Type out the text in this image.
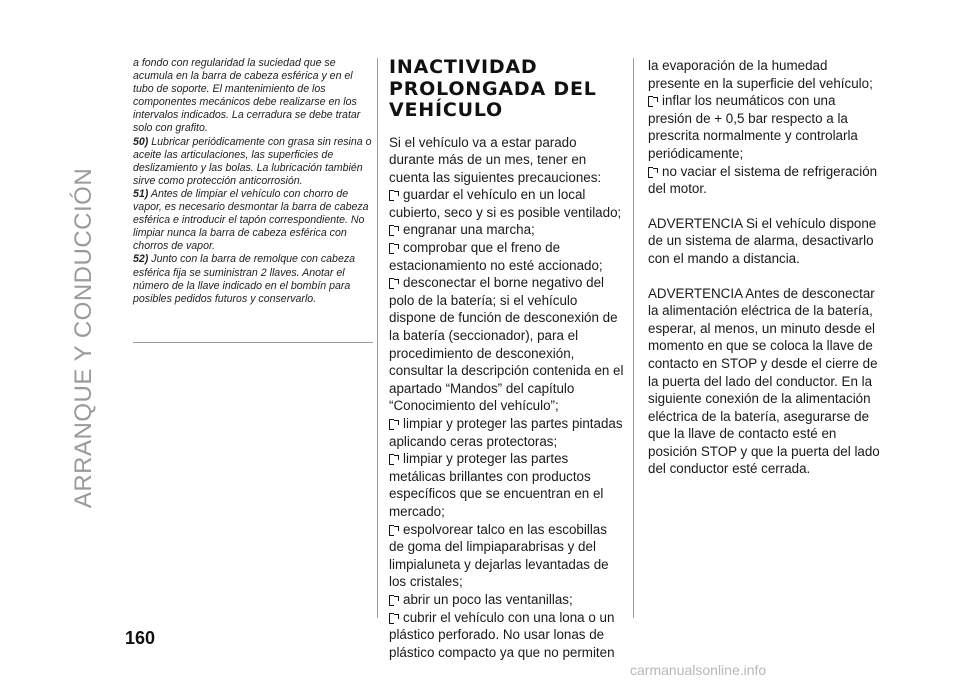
ARRANQUE Y CONDUCCIÓN
160
carmanualsonline.info

a fondo con regularidad la suciedad que se acumula en la barra de cabeza esférica y en el tubo de soporte. El mantenimiento de los componentes mecánicos debe realizarse en los intervalos indicados. La cerradura se debe tratar solo con grafito.

50) Lubricar periódicamente con grasa sin resina o aceite las articulaciones, las superficies de deslizamiento y las bolas. La lubricación también sirve como protección anticorrosión.

51) Antes de limpiar el vehículo con chorro de vapor, es necesario desmontar la barra de cabeza esférica e introducir el tapón correspondiente. No limpiar nunca la barra de cabeza esférica con chorros de vapor.

52) Junto con la barra de remolque con cabeza esférica fija se suministran 2 llaves. Anotar el número de la llave indicado en el bombín para posibles pedidos futuros y conservarlo.

INACTIVIDAD
PROLONGADA DEL
VEHÍCULO

Si el vehículo va a estar parado durante más de un mes, tener en cuenta las siguientes precauciones:

guardar el vehículo en un local cubierto, seco y si es posible ventilado;

engranar una marcha;

comprobar que el freno de estacionamiento no esté accionado;

desconectar el borne negativo del polo de la batería; si el vehículo dispone de función de desconexión de la batería (seccionador), para el procedimiento de desconexión, consultar la descripción contenida en el apartado “Mandos” del capítulo “Conocimiento del vehículo”;

limpiar y proteger las partes pintadas aplicando ceras protectoras;

limpiar y proteger las partes metálicas brillantes con productos específicos que se encuentran en el mercado;

espolvorear talco en las escobillas de goma del limpiaparabrisas y del limpialuneta y dejarlas levantadas de los cristales;

abrir un poco las ventanillas;

cubrir el vehículo con una lona o un plástico perforado. No usar lonas de plástico compacto ya que no permiten

la evaporación de la humedad presente en la superficie del vehículo;

inflar los neumáticos con una presión de + 0,5 bar respecto a la prescrita normalmente y controlarla periódicamente;

no vaciar el sistema de refrigeración del motor.

ADVERTENCIA Si el vehículo dispone de un sistema de alarma, desactivarlo con el mando a distancia.

ADVERTENCIA Antes de desconectar la alimentación eléctrica de la batería, esperar, al menos, un minuto desde el momento en que se coloca la llave de contacto en STOP y desde el cierre de la puerta del lado del conductor. En la siguiente conexión de la alimentación eléctrica de la batería, asegurarse de que la llave de contacto esté en posición STOP y que la puerta del lado del conductor esté cerrada.
